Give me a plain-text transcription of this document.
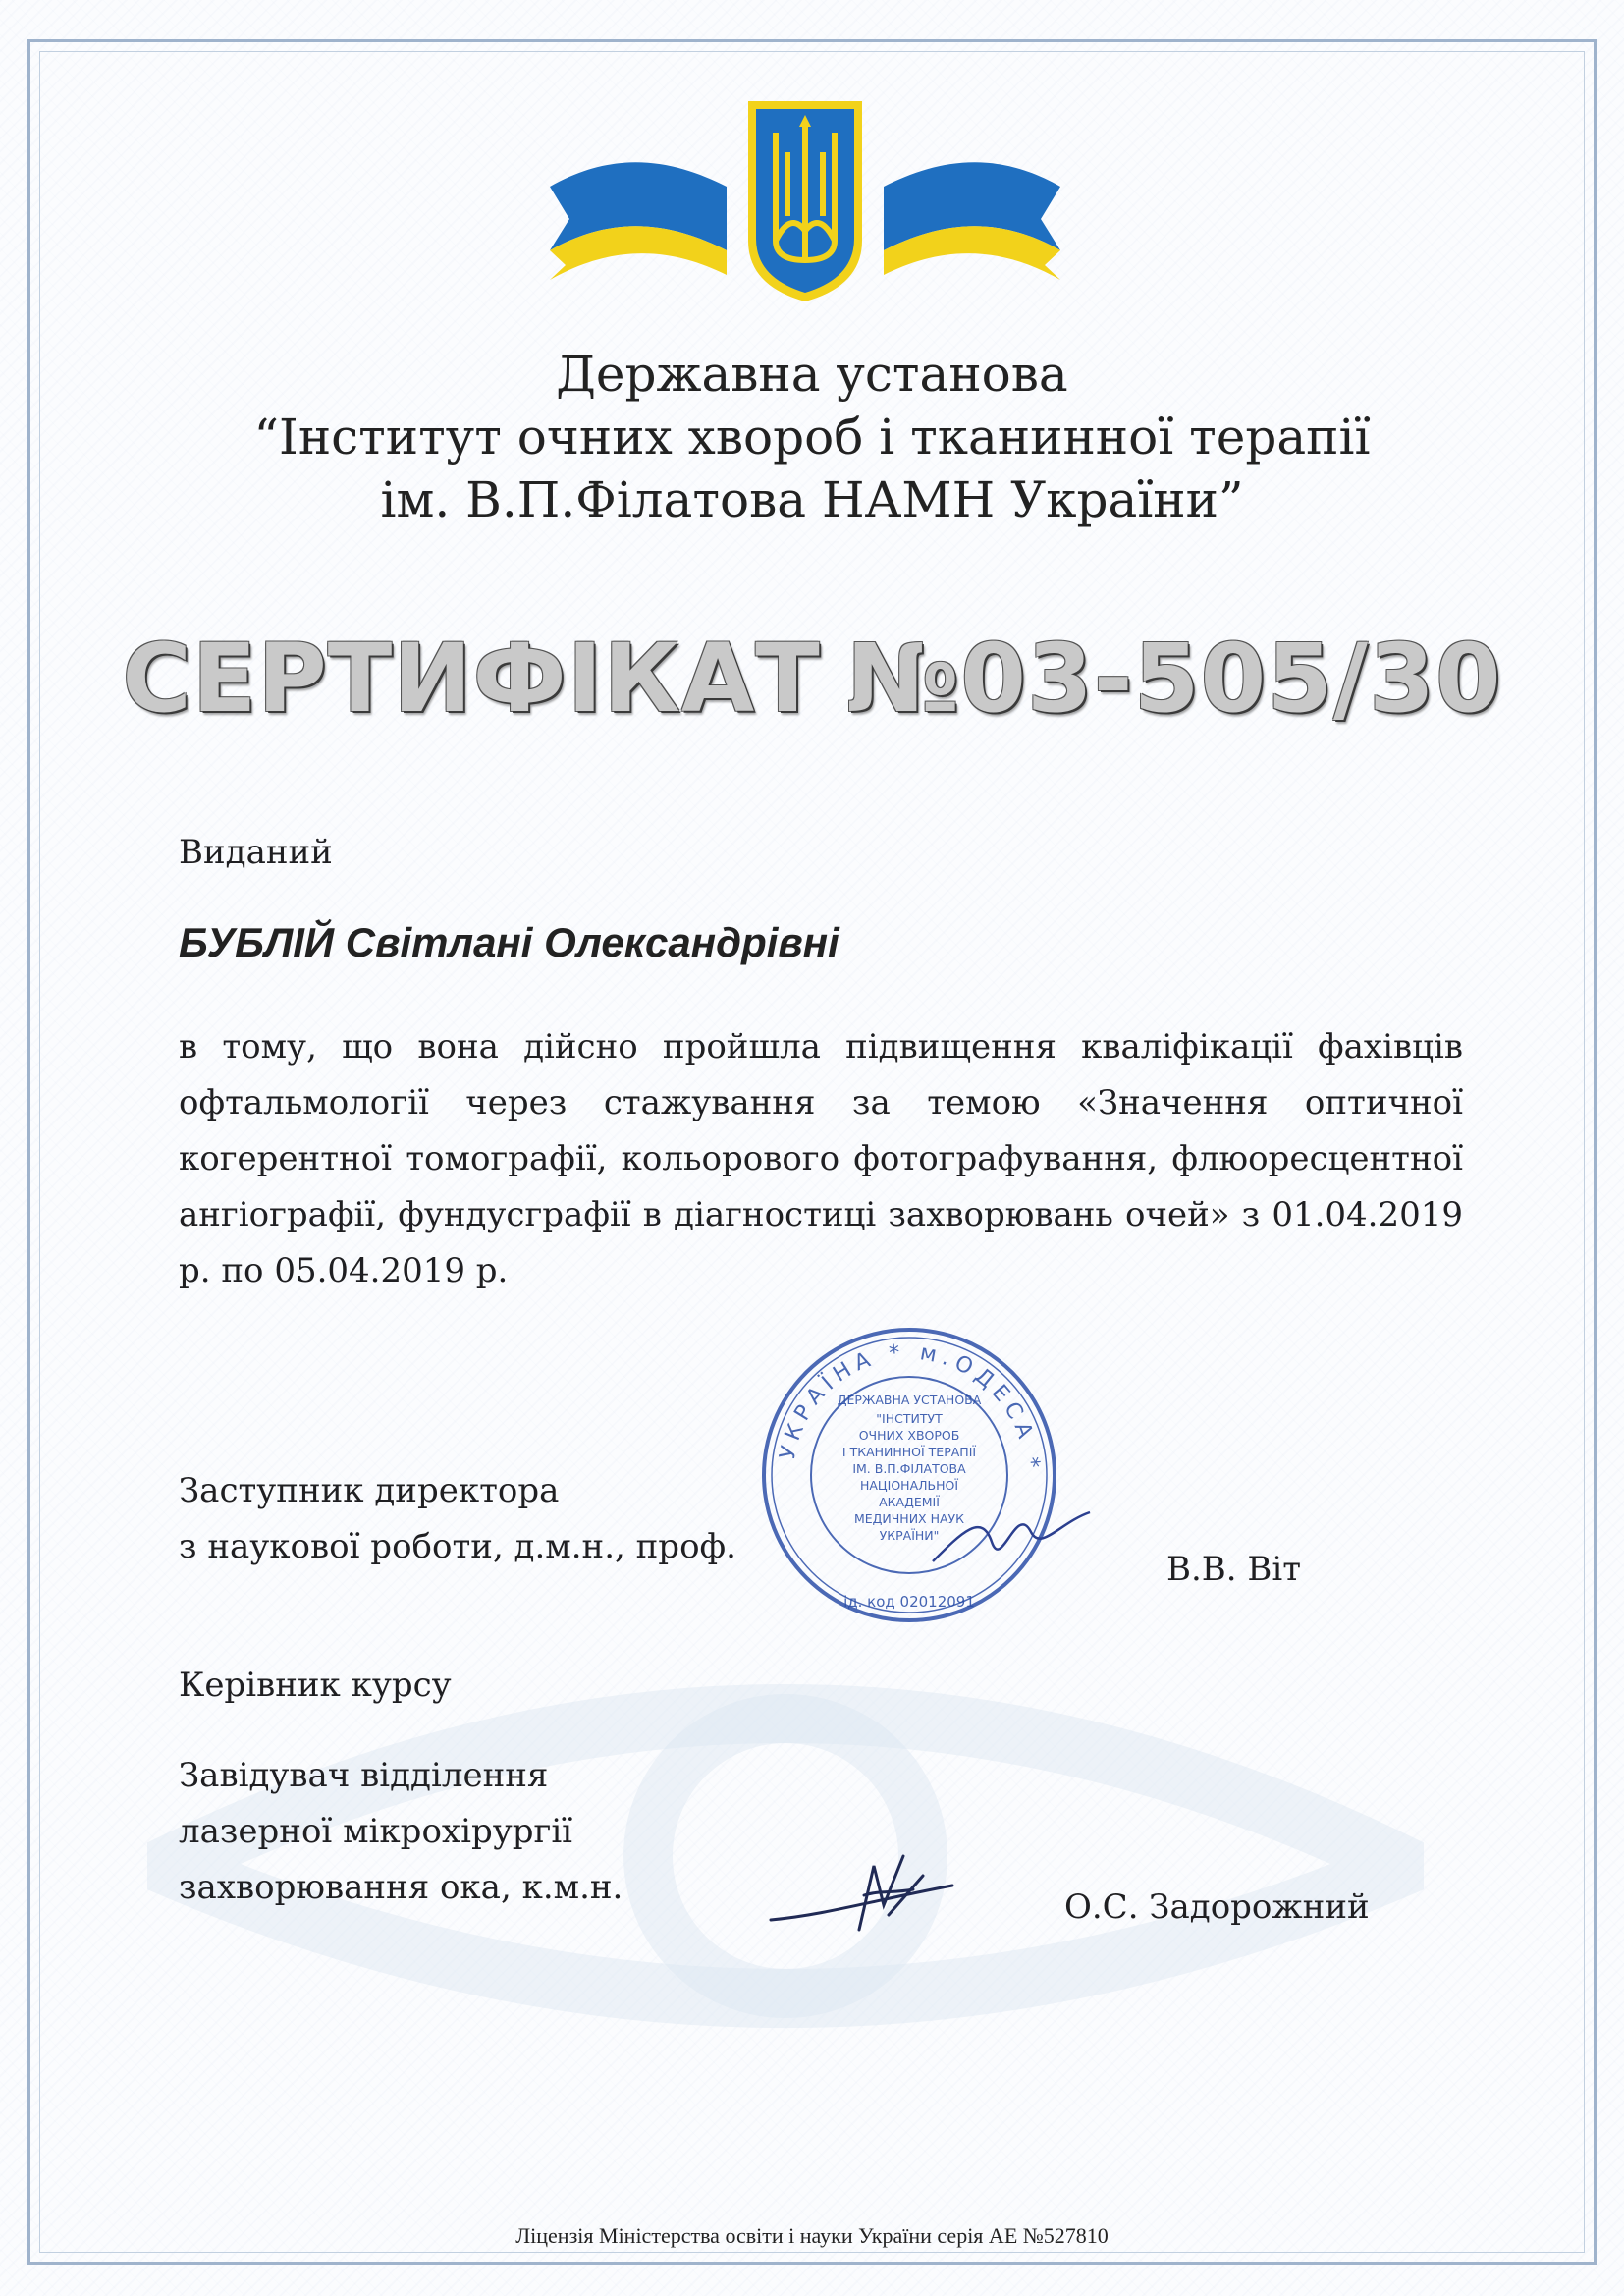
Державна установа
“Інститут очних хвороб і тканинної терапії
ім. В.П.Філатова НАМН України”
СЕРТИФІКАТ №03-505/30
Виданий
БУБЛІЙ Світлані Олександрівні
в тому, що вона дійсно пройшла підвищення кваліфікації фахівців офтальмології через стажування за темою «Значення оптичної когерентної томографії, кольорового фотографування, флюоресцентної ангіографії, фундусграфії в діагностиці захворювань очей» з 01.04.2019 р. по 05.04.2019 р.
УКРАЇНА * м.ОДЕСА *
ДЕРЖАВНА УСТАНОВА
"ІНСТИТУТ
ОЧНИХ ХВОРОБ
І ТКАНИННОЇ ТЕРАПІЇ
ІМ. В.П.ФІЛАТОВА
НАЦІОНАЛЬНОЇ
АКАДЕМІЇ
МЕДИЧНИХ НАУК
УКРАЇНИ"
ід. код 02012091
Заступник директора
з наукової роботи, д.м.н., проф.
В.В. Віт
Керівник курсу
Завідувач відділення
лазерної мікрохірургії
захворювання ока, к.м.н.	О.С. Задорожний
Ліцензія Міністерства освіти і науки України серія АЕ №527810
